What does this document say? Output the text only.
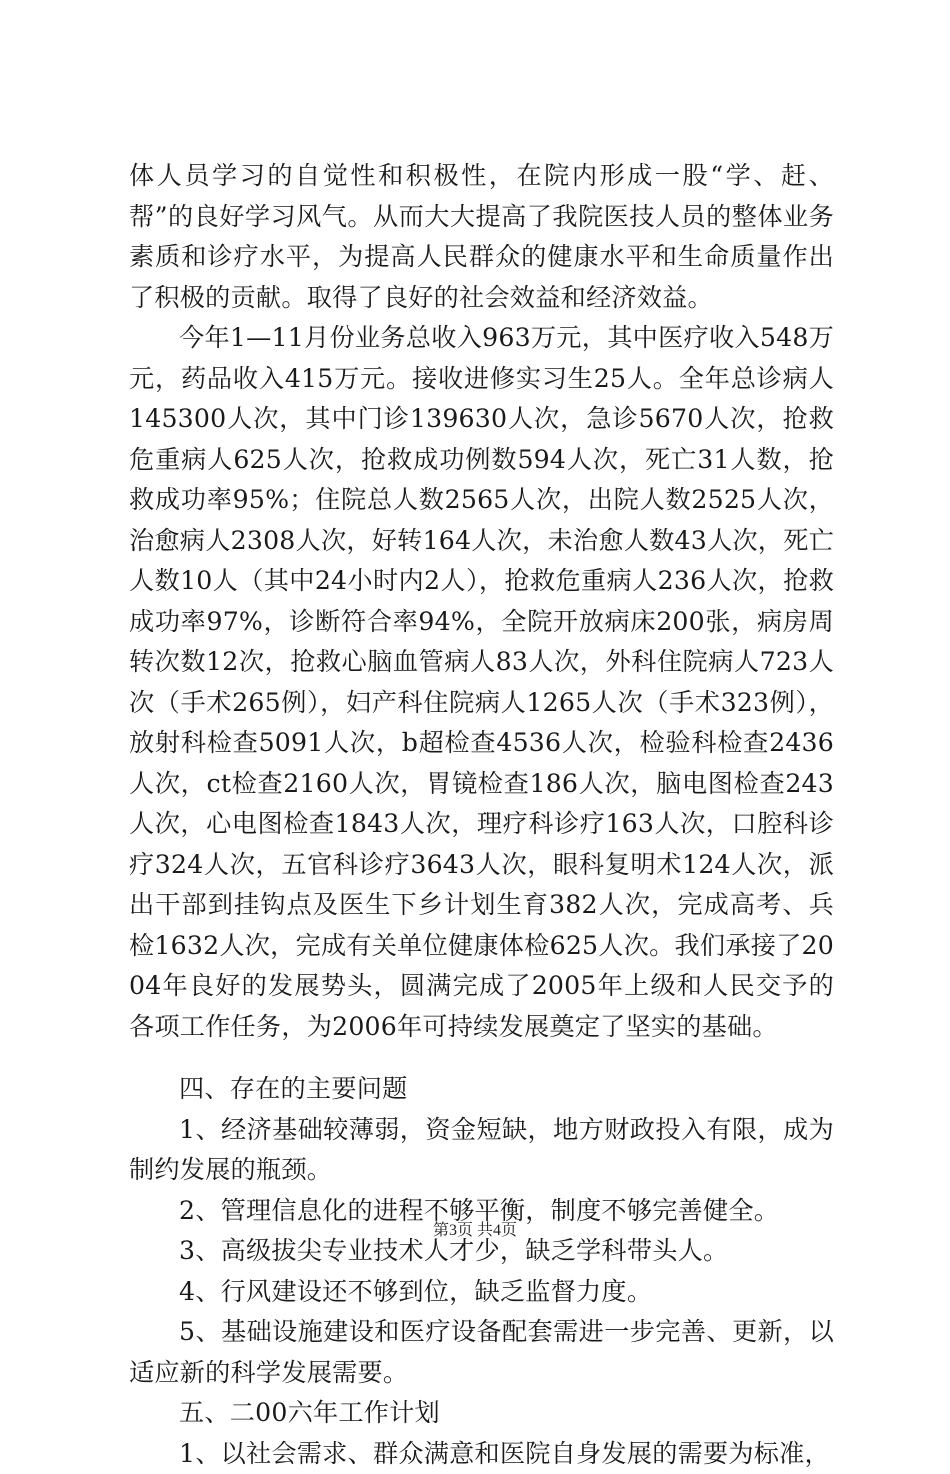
体人员学习的自觉性和积极性，在院内形成一股“学、赶、帮”的良好学习风气。从而大大提高了我院医技人员的整体业务素质和诊疗水平，为提高人民群众的健康水平和生命质量作出了积极的贡献。取得了良好的社会效益和经济效益。

今年1—11月份业务总收入963万元，其中医疗收入548万元，药品收入415万元。接收进修实习生25人。全年总诊病人145300人次，其中门诊139630人次，急诊5670人次，抢救危重病人625人次，抢救成功例数594人次，死亡31人数，抢救成功率95%；住院总人数2565人次，出院人数2525人次，治愈病人2308人次，好转164人次，未治愈人数43人次，死亡人数10人（其中24小时内2人），抢救危重病人236人次，抢救成功率97%，诊断符合率94%，全院开放病床200张，病房周转次数12次，抢救心脑血管病人83人次，外科住院病人723人次（手术265例），妇产科住院病人1265人次（手术323例），放射科检查5091人次，b超检查4536人次，检验科检查2436人次，ct检查2160人次，胃镜检查186人次，脑电图检查243人次，心电图检查1843人次，理疗科诊疗163人次，口腔科诊疗324人次，五官科诊疗3643人次，眼科复明术124人次，派出干部到挂钩点及医生下乡计划生育382人次，完成高考、兵检1632人次，完成有关单位健康体检625人次。我们承接了2004年良好的发展势头，圆满完成了2005年上级和人民交予的各项工作任务，为2006年可持续发展奠定了坚实的基础。

四、存在的主要问题

1、经济基础较薄弱，资金短缺，地方财政投入有限，成为制约发展的瓶颈。

2、管理信息化的进程不够平衡，制度不够完善健全。

3、高级拔尖专业技术人才少，缺乏学科带头人。

4、行风建设还不够到位，缺乏监督力度。

5、基础设施建设和医疗设备配套需进一步完善、更新，以适应新的科学发展需要。

五、二00六年工作计划

1、以社会需求、群众满意和医院自身发展的需要为标准，

第3页 共4页
